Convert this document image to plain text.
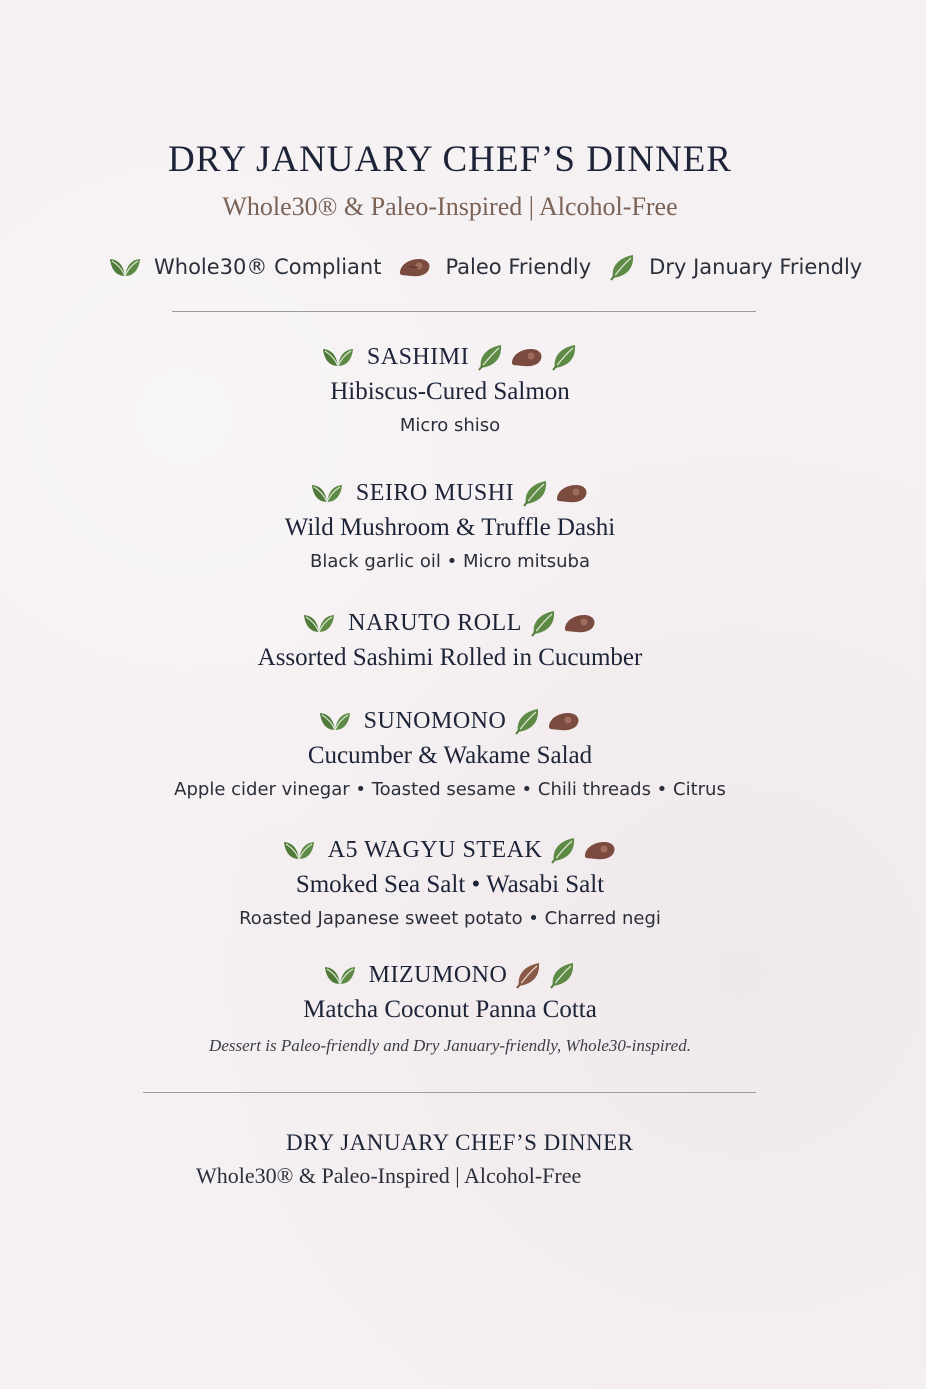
DRY JANUARY CHEF’S DINNER
Whole30® & Paleo-Inspired | Alcohol-Free
Whole30® Compliant	Paleo Friendly	Dry January Friendly
SASHIMI
Hibiscus-Cured Salmon
Micro shiso
SEIRO MUSHI
Wild Mushroom & Truffle Dashi
Black garlic oil • Micro mitsuba
NARUTO ROLL
Assorted Sashimi Rolled in Cucumber
SUNOMONO
Cucumber & Wakame Salad
Apple cider vinegar • Toasted sesame • Chili threads • Citrus
A5 WAGYU STEAK
Smoked Sea Salt • Wasabi Salt
Roasted Japanese sweet potato • Charred negi
MIZUMONO
Matcha Coconut Panna Cotta
Dessert is Paleo-friendly and Dry January-friendly, Whole30-inspired.
DRY JANUARY CHEF’S DINNER
Whole30® & Paleo-Inspired | Alcohol-Free
